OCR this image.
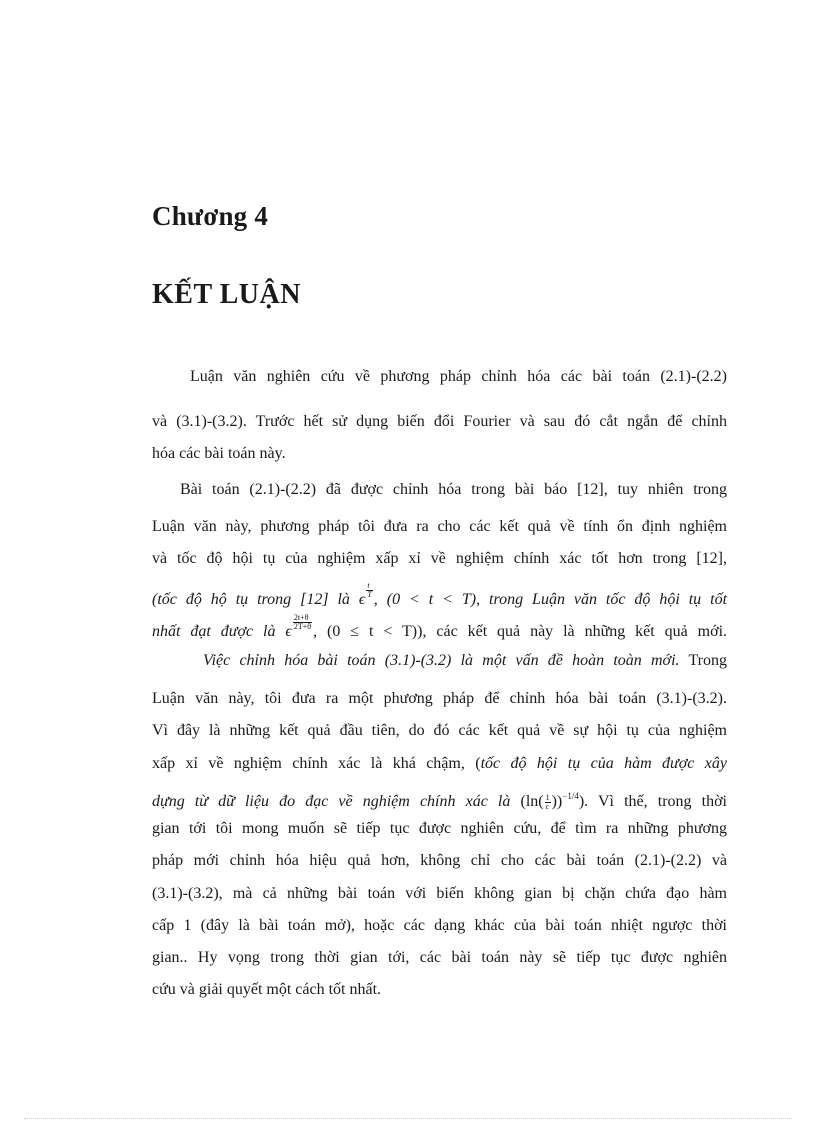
Chương 4
KẾT LUẬN
Luận văn nghiên cứu về phương pháp chỉnh hóa các bài toán (2.1)-(2.2)
và (3.1)-(3.2). Trước hết sử dụng biến đổi Fourier và sau đó cắt ngắn để chỉnh
hóa các bài toán này.
Bài toán (2.1)-(2.2) đã được chỉnh hóa trong bài báo [12], tuy nhiên trong
Luận văn này, phương pháp tôi đưa ra cho các kết quả về tính ổn định nghiệm
và tốc độ hội tụ của nghiệm xấp xỉ về nghiệm chính xác tốt hơn trong [12],
(tốc độ hộ tụ trong [12] là ϵ
$\frac{t}{T}$
, (0 < t < T), trong Luận văn tốc độ hội tụ tốt
nhất đạt được là ϵ
$\frac{2t+\theta}{2T+\theta}$
, (0 ≤ t < T)), các kết quả này là những kết quả mới.
Việc chỉnh hóa bài toán (3.1)-(3.2) là một vấn đề hoàn toàn mới. Trong
Luận văn này, tôi đưa ra một phương pháp để chỉnh hóa bài toán (3.1)-(3.2).
Vì đây là những kết quả đầu tiên, do đó các kết quả về sự hội tụ của nghiệm
xấp xỉ về nghiệm chính xác là khá chậm, (tốc độ hội tụ của hàm được xây
dựng từ dữ liệu đo đạc về nghiệm chính xác là $(\ln( \frac{1}{\epsilon} ))^{-1/4}$). Vì thế, trong thời
gian tới tôi mong muốn sẽ tiếp tục được nghiên cứu, để tìm ra những phương
pháp mới chỉnh hóa hiệu quả hơn, không chỉ cho các bài toán (2.1)-(2.2) và
(3.1)-(3.2), mà cả những bài toán với biến không gian bị chặn chứa đạo hàm
cấp 1 (đây là bài toán mở), hoặc các dạng khác của bài toán nhiệt ngược thời
gian.. Hy vọng trong thời gian tới, các bài toán này sẽ tiếp tục được nghiên
cứu và giải quyết một cách tốt nhất.
